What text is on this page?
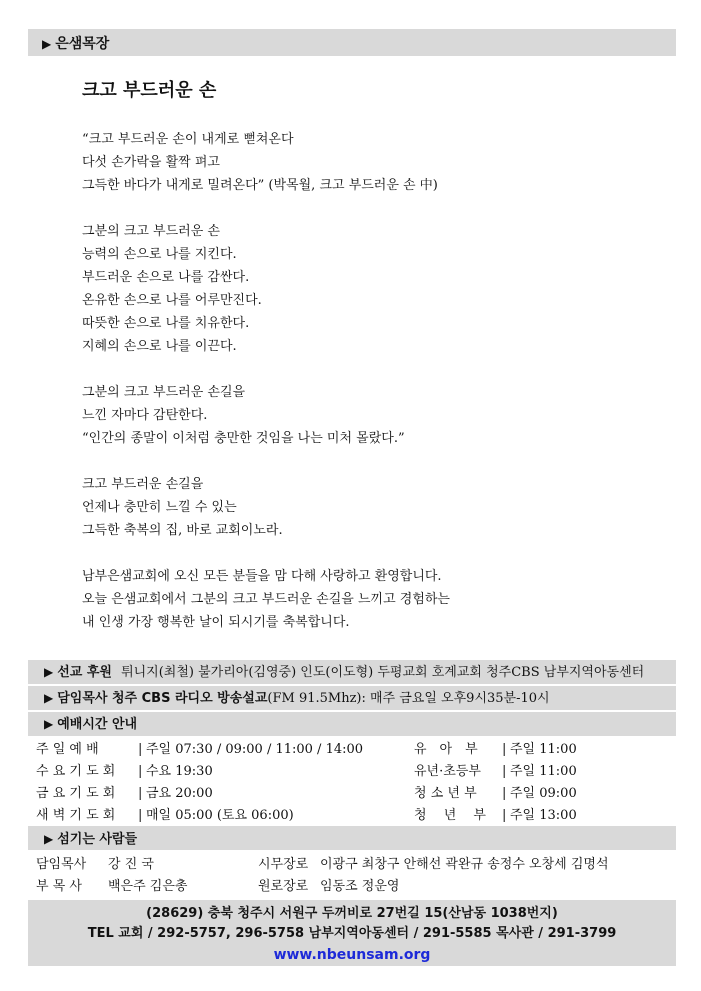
▶ 은샘목장
크고 부드러운 손
“크고 부드러운 손이 내게로 뻗쳐온다
다섯 손가락을 활짝 펴고
그득한 바다가 내게로 밀려온다” (박목월, 크고 부드러운 손 中)
그분의 크고 부드러운 손
능력의 손으로 나를 지킨다.
부드러운 손으로 나를 감싼다.
온유한 손으로 나를 어루만진다.
따뜻한 손으로 나를 치유한다.
지혜의 손으로 나를 이끈다.
그분의 크고 부드러운 손길을
느낀 자마다 감탄한다.
“인간의 종말이 이처럼 충만한 것임을 나는 미처 몰랐다.”
크고 부드러운 손길을
언제나 충만히 느낄 수 있는
그득한 축복의 집, 바로 교회이노라.
남부은샘교회에 오신 모든 분들을 맘 다해 사랑하고 환영합니다.
오늘 은샘교회에서 그분의 크고 부드러운 손길을 느끼고 경험하는
내 인생 가장 행복한 날이 되시기를 축복합니다.
▶ 선교 후원 튀니지(최철) 불가리아(김영중) 인도(이도형) 두평교회 호계교회 청주CBS 남부지역아동센터
▶ 담임목사 청주 CBS 라디오 방송설교(FM 91.5Mhz): 매주 금요일 오후9시35분-10시
▶ 예배시간 안내
주 일 예 배	| 주일 07:30 / 09:00 / 11:00 / 14:00
수 요 기 도 회 | 수요 19:30
금 요 기 도 회 | 금요 20:00
새 벽 기 도 회 | 매일 05:00 (토요 06:00)
유　아　부 | 주일 11:00
유년·초등부 | 주일 11:00
청 소 년 부 | 주일 09:00
청　 년　 부 | 주일 13:00
▶ 섬기는 사람들
담임목사 강 진 국
부 목 사 백은주 김은총
시무장로 이광구 최창구 안해선 곽완규 송정수 오창세 김명석
원로장로 임동조 정운영
(28629) 충북 청주시 서원구 두꺼비로 27번길 15(산남동 1038번지)
TEL 교회 / 292-5757, 296-5758 남부지역아동센터 / 291-5585 목사관 / 291-3799
www.nbeunsam.org
